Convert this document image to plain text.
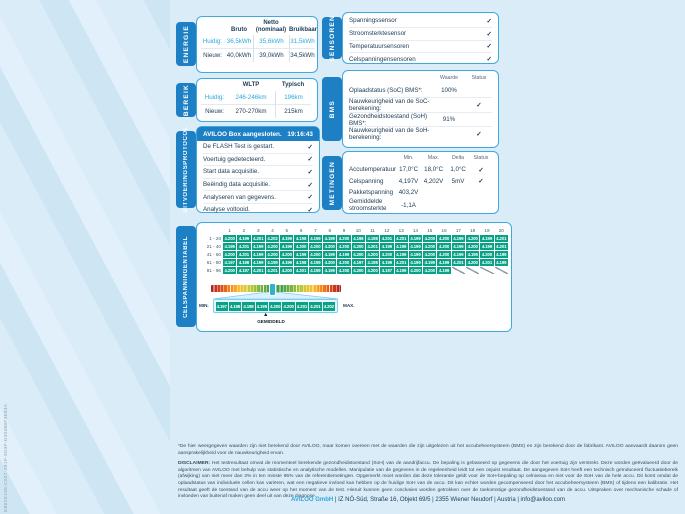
EB02E106-C007-4B1F-9D3F-D40468F3E84A
ENERGIE	Bruto
Netto (nominaal) Bruikbaar
Huidig: 36,5kWh	35,6kWh	31,5kWh
Nieuw: 40,0kWh	39,0kWh	34,5kWh
BEREIK	WLTP	Typisch
Huidig:	246-246km	196km
Nieuw:	270-270km	215km
UITVOERINGSPROTOCOL AVILOO Box aangesloten. 19:16:43
De FLASH Test is gestart.	✓
Voertuig gedetecteerd.	✓
Start data acquisitie.	✓
Beëindig data acquisitie.	✓
Analyseren van gegevens.	✓
Analyse voltooid.	✓
SENSOREN Spanningssensor	✓
Stroomsterktesensor	✓
Temperatuursensoren	✓
Celspanningensensoren	✓
BMS
Waarde	Status
Oplaadstatus (SoC) BMS*:	100%
Nauwkeurigheid van de SoC-berekening:	✓
Gezondheidstoestand (SoH) BMS*:	91%
Nauwkeurigheid van de SoH-berekening:	✓
METINGEN
Min.	Max.	Delta	Status
Accutemperatuur 17,0°C 18,0°C	1,0°C	✓
Celspanning	4,197V 4,202V	5mV	✓
Pakketspanning 403,2V
Gemiddelde stroomsterkte	-1,1A
CELSPANNINGENTABEL
1	2	3	4	5	6	7	8	9	10	11	12	13	14	15	16	17	18	19	20
1 - 20 4.200 4.199 4.201 4.202 4.199 4.198 4.199 4.199 4.200 4.198 4.198 4.201 4.201 4.199 4.200 4.200 4.199 4.200 4.199 4.201
21 - 40 4.199 4.201 4.199 4.200 4.199 4.200 4.200 4.200 4.200 4.200 4.201 4.199 4.199 4.199 4.200 4.200 4.199 4.200 4.199 4.201
41 - 60 4.200 4.201 4.199 4.200 4.200 4.199 4.200 4.199 4.199 4.200 4.200 4.200 4.199 4.199 4.200 4.200 4.199 4.199 4.200 4.199
61 - 80 4.197 4.198 4.199 4.199 4.199 4.198 4.199 4.200 4.200 4.197 4.198 4.199 4.201 4.199 4.199 4.199 4.201 4.200 4.201 4.199
81 - 96 4.200 4.197 4.201 4.201 4.200 4.201 4.199 4.199 4.200 4.200 4.200 4.197 4.199 4.200 4.200 4.199
MIN. 4.197 4.198 4.198 4.199 4.200 4.200 4.201 4.201 4.202 MAX.
▲
GEMIDDELD

*De hier weergegeven waarden zijn niet berekend door AVILOO, maar komen overeen met de waarden die zijn uitgelezen uit het accubeheersysteem (BMS) en zijn berekend door de fabrikant. AVILOO aanvaardt daarom geen aansprakelijkheid voor de nauwkeurigheid ervan.

DISCLAIMER: Het testresultaat omvat de momenteel berekende gezondheidstoestand (SoH) van de aandrijfaccu. De bepaling is gebaseerd op gegevens die door het voertuig zijn verstrekt. Deze worden geëvalueerd door de algoritmen van AVILOO met behulp van statistische en analytische modellen. Manipulatie van de gegevens in de regeleenheid leidt tot een onjuist resultaat. De aangegeven SoH heeft een technisch geïnduceerd fluctuatiebereik (afwijking) van niet meer dan 3% in ten minste 95% van de referentiemetingen. Opgemerkt moet worden dat deze tolerantie geldt voor de SoH-bepaling op celniveau en niet voor de SoH van de hele accu. Dit komt omdat de oplaadstatus van individuele cellen kan variëren, wat een negatieve invloed kan hebben op de huidige SoH van de accu. Dit kan echter worden gecompenseerd door het accubeheersysteem (BMS) of tijdens een kalibratie. Het resultaat geeft de toestand van de accu weer op het moment van de test. Hieruit kunnen geen conclusies worden getrokken over de toekomstige gezondheidstoestand van de accu. Uitspraken over mechanische schade of invloeden van buitenaf maken geen deel uit van deze diagnose.

AVILOO GmbH | IZ NÖ-Süd, Straße 16, Objekt 69/5 | 2355 Wiener Neudorf | Austria | info@aviloo.com
